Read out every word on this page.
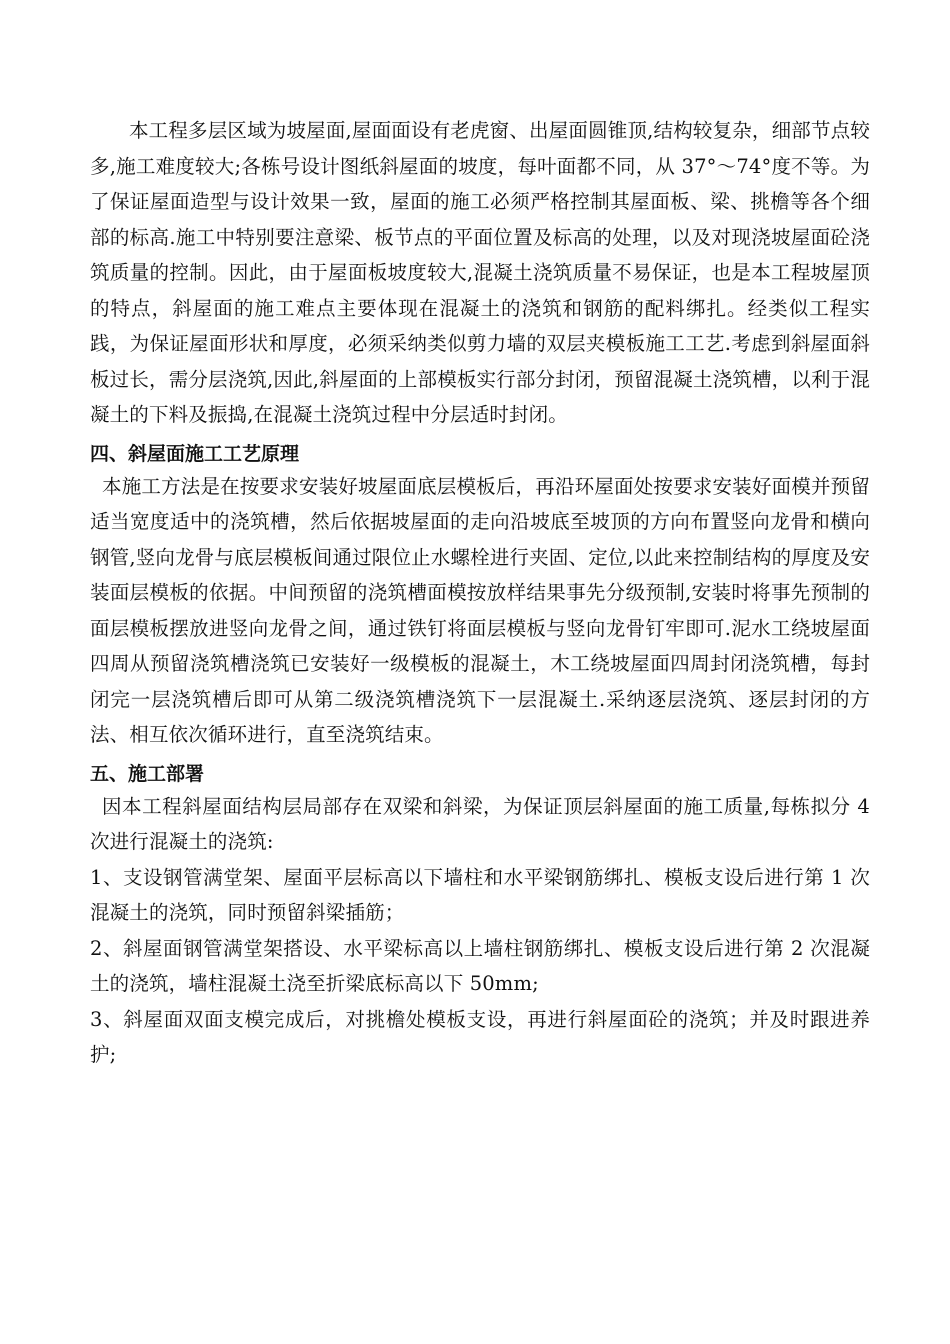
本工程多层区域为坡屋面,屋面面设有老虎窗、出屋面圆锥顶,结构较复杂，细部节点较多,施工难度较大;各栋号设计图纸斜屋面的坡度，每叶面都不同，从 37°～74°度不等。为了保证屋面造型与设计效果一致，屋面的施工必须严格控制其屋面板、梁、挑檐等各个细部的标高.施工中特别要注意梁、板节点的平面位置及标高的处理，以及对现浇坡屋面砼浇筑质量的控制。因此，由于屋面板坡度较大,混凝土浇筑质量不易保证，也是本工程坡屋顶的特点，斜屋面的施工难点主要体现在混凝土的浇筑和钢筋的配料绑扎。经类似工程实践，为保证屋面形状和厚度，必须采纳类似剪力墙的双层夹模板施工工艺.考虑到斜屋面斜板过长，需分层浇筑,因此,斜屋面的上部模板实行部分封闭，预留混凝土浇筑槽，以利于混凝土的下料及振捣,在混凝土浇筑过程中分层适时封闭。

四、斜屋面施工工艺原理

本施工方法是在按要求安装好坡屋面底层模板后，再沿环屋面处按要求安装好面模并预留适当宽度适中的浇筑槽，然后依据坡屋面的走向沿坡底至坡顶的方向布置竖向龙骨和横向钢管,竖向龙骨与底层模板间通过限位止水螺栓进行夹固、定位,以此来控制结构的厚度及安装面层模板的依据。中间预留的浇筑槽面模按放样结果事先分级预制,安装时将事先预制的面层模板摆放进竖向龙骨之间，通过铁钉将面层模板与竖向龙骨钉牢即可.泥水工绕坡屋面四周从预留浇筑槽浇筑已安装好一级模板的混凝土，木工绕坡屋面四周封闭浇筑槽，每封闭完一层浇筑槽后即可从第二级浇筑槽浇筑下一层混凝土.采纳逐层浇筑、逐层封闭的方法、相互依次循环进行，直至浇筑结束。

五、施工部署

因本工程斜屋面结构层局部存在双梁和斜梁，为保证顶层斜屋面的施工质量,每栋拟分 4 次进行混凝土的浇筑:

1、支设钢管满堂架、屋面平层标高以下墙柱和水平梁钢筋绑扎、模板支设后进行第 1 次混凝土的浇筑，同时预留斜梁插筋；

2、斜屋面钢管满堂架搭设、水平梁标高以上墙柱钢筋绑扎、模板支设后进行第 2 次混凝土的浇筑，墙柱混凝土浇至折梁底标高以下 50mm;

3、斜屋面双面支模完成后，对挑檐处模板支设，再进行斜屋面砼的浇筑；并及时跟进养护;
